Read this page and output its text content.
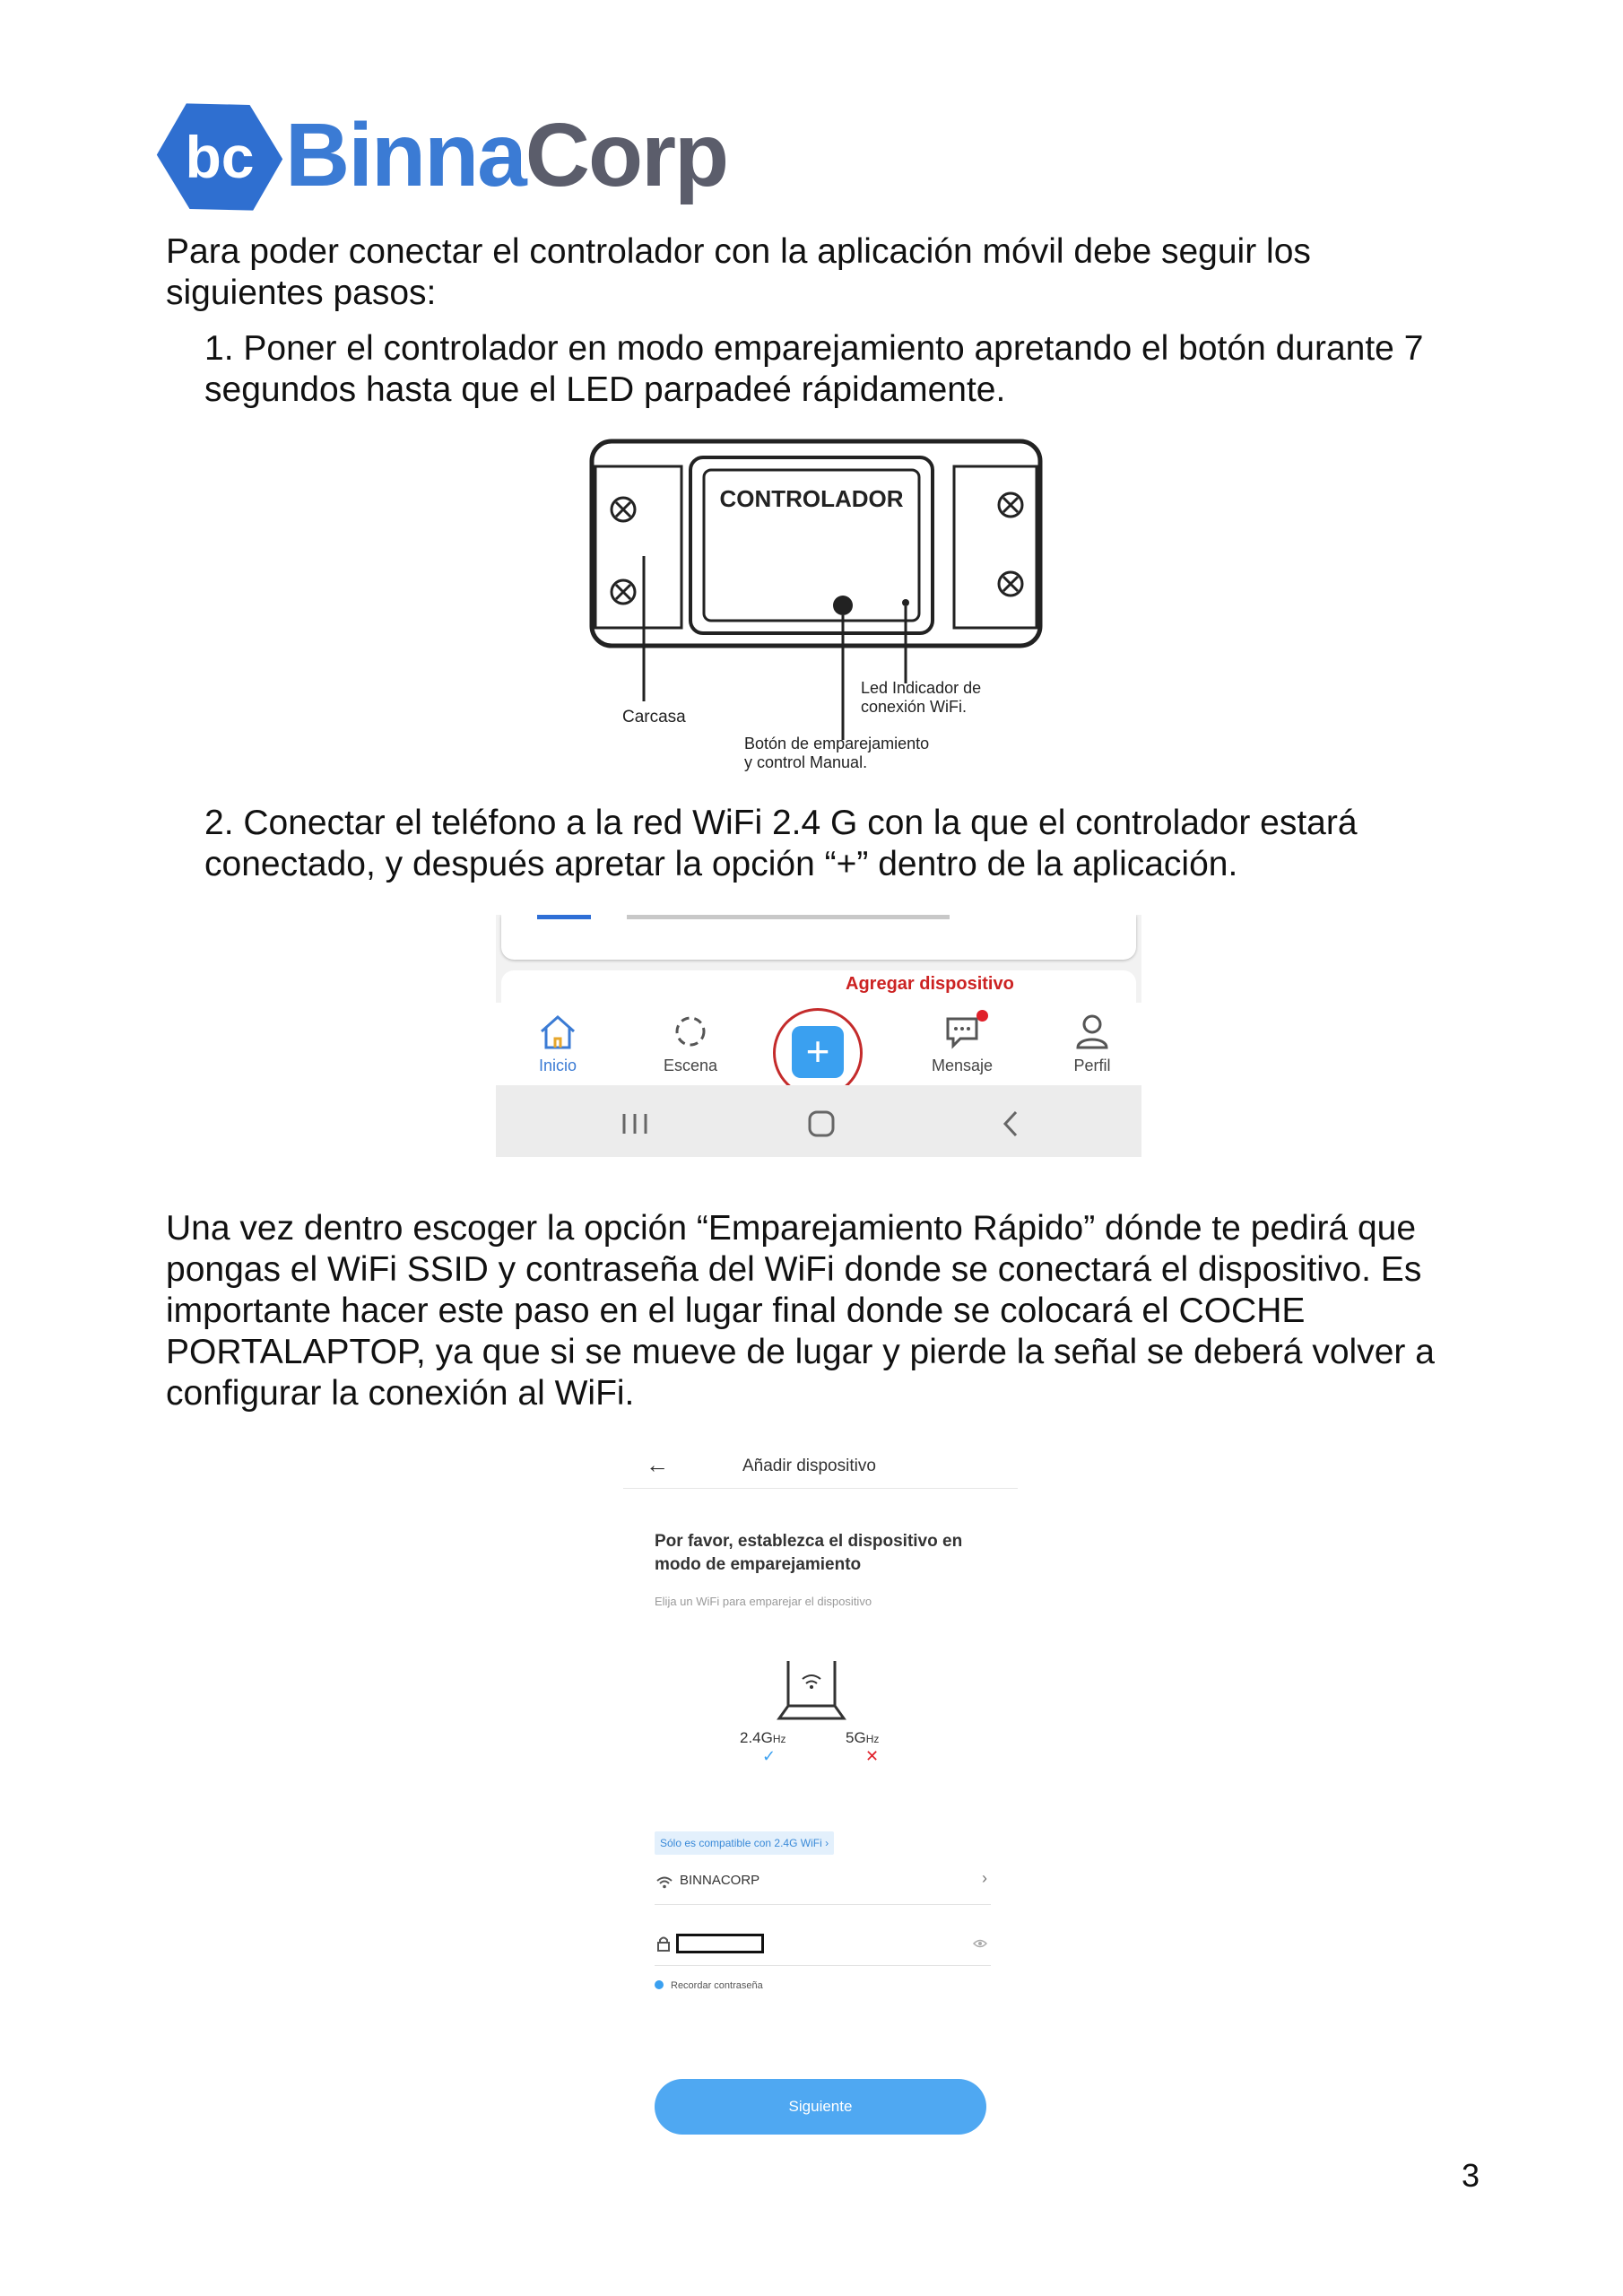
bc BinnaCorp

Para poder conectar el controlador con la aplicación móvil debe seguir los siguientes pasos:

1. Poner el controlador en modo emparejamiento apretando el botón durante 7 segundos hasta que el LED parpadeé rápidamente.

CONTROLADOR
Carcasa
Led Indicador de
conexión WiFi.
Botón de emparejamiento
y control Manual.

2. Conectar el teléfono a la red WiFi 2.4 G con la que el controlador estará conectado, y después apretar la opción “+” dentro de la aplicación.

Agregar dispositivo
Inicio	Escena	Mensaje	Perfil
+

Una vez dentro escoger la opción “Emparejamiento Rápido” dónde te pedirá que pongas el WiFi SSID y contraseña del WiFi donde se conectará el dispositivo. Es importante hacer este paso en el lugar final donde se colocará el COCHE PORTALAPTOP, ya que si se mueve de lugar y pierde la señal se deberá volver a configurar la conexión al WiFi.

←	Añadir dispositivo
Por favor, establezca el dispositivo en modo de emparejamiento
Elija un WiFi para emparejar el dispositivo
2.4GHz	5GHz
✓	✕
Sólo es compatible con 2.4G WiFi ›
BINNACORP	›
Recordar contraseña
Siguiente
3
